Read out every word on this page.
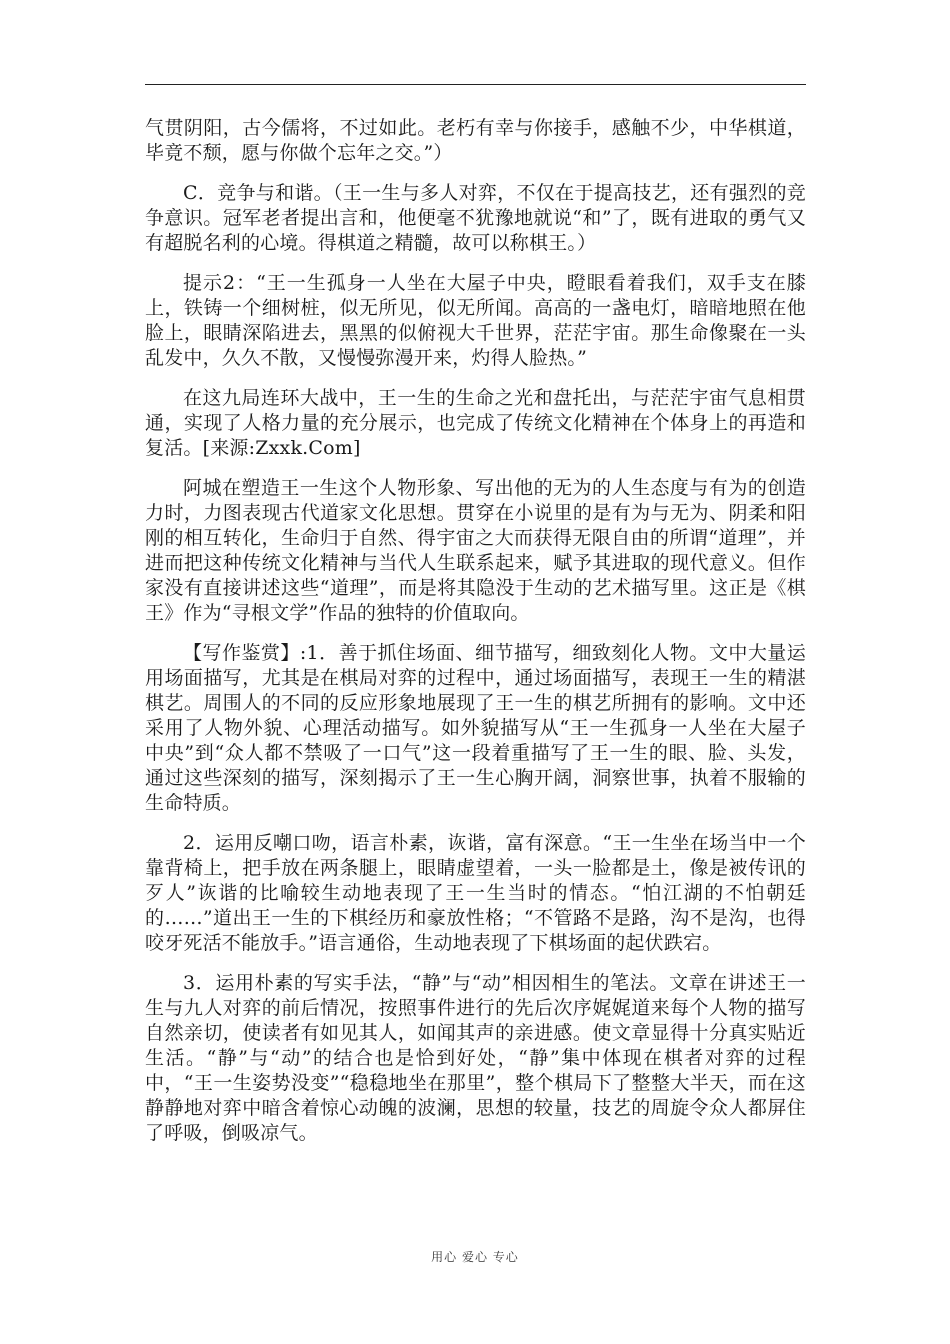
气贯阴阳，古今儒将，不过如此。老朽有幸与你接手，感触不少，中华棋道，毕竟不颓，愿与你做个忘年之交。”）

C．竞争与和谐。（王一生与多人对弈，不仅在于提高技艺，还有强烈的竞争意识。冠军老者提出言和，他便毫不犹豫地就说“和”了，既有进取的勇气又有超脱名利的心境。得棋道之精髓，故可以称棋王。）

提示2：“王一生孤身一人坐在大屋子中央，瞪眼看着我们，双手支在膝上，铁铸一个细树桩，似无所见，似无所闻。高高的一盏电灯，暗暗地照在他脸上，眼睛深陷进去，黑黑的似俯视大千世界，茫茫宇宙。那生命像聚在一头乱发中，久久不散，又慢慢弥漫开来，灼得人脸热。”

在这九局连环大战中，王一生的生命之光和盘托出，与茫茫宇宙气息相贯通，实现了人格力量的充分展示，也完成了传统文化精神在个体身上的再造和复活。[来源:Zxxk.Com]

阿城在塑造王一生这个人物形象、写出他的无为的人生态度与有为的创造力时，力图表现古代道家文化思想。贯穿在小说里的是有为与无为、阴柔和阳刚的相互转化，生命归于自然、得宇宙之大而获得无限自由的所谓“道理”，并进而把这种传统文化精神与当代人生联系起来，赋予其进取的现代意义。但作家没有直接讲述这些“道理”，而是将其隐没于生动的艺术描写里。这正是《棋王》作为“寻根文学”作品的独特的价值取向。

【写作鉴赏】:1．善于抓住场面、细节描写，细致刻化人物。文中大量运用场面描写，尤其是在棋局对弈的过程中，通过场面描写，表现王一生的精湛棋艺。周围人的不同的反应形象地展现了王一生的棋艺所拥有的影响。文中还采用了人物外貌、心理活动描写。如外貌描写从“王一生孤身一人坐在大屋子中央”到“众人都不禁吸了一口气”这一段着重描写了王一生的眼、脸、头发，通过这些深刻的描写，深刻揭示了王一生心胸开阔，洞察世事，执着不服输的生命特质。

2．运用反嘲口吻，语言朴素，诙谐，富有深意。“王一生坐在场当中一个靠背椅上，把手放在两条腿上，眼睛虚望着，一头一脸都是土，像是被传讯的歹人”诙谐的比喻较生动地表现了王一生当时的情态。“怕江湖的不怕朝廷的……”道出王一生的下棋经历和豪放性格；“不管路不是路，沟不是沟，也得咬牙死活不能放手。”语言通俗，生动地表现了下棋场面的起伏跌宕。

3．运用朴素的写实手法，“静”与“动”相因相生的笔法。文章在讲述王一生与九人对弈的前后情况，按照事件进行的先后次序娓娓道来每个人物的描写自然亲切，使读者有如见其人，如闻其声的亲进感。使文章显得十分真实贴近生活。“静”与“动”的结合也是恰到好处，“静”集中体现在棋者对弈的过程中，“王一生姿势没变”“稳稳地坐在那里”，整个棋局下了整整大半天，而在这静静地对弈中暗含着惊心动魄的波澜，思想的较量，技艺的周旋令众人都屏住了呼吸，倒吸凉气。

用心 爱心 专心
